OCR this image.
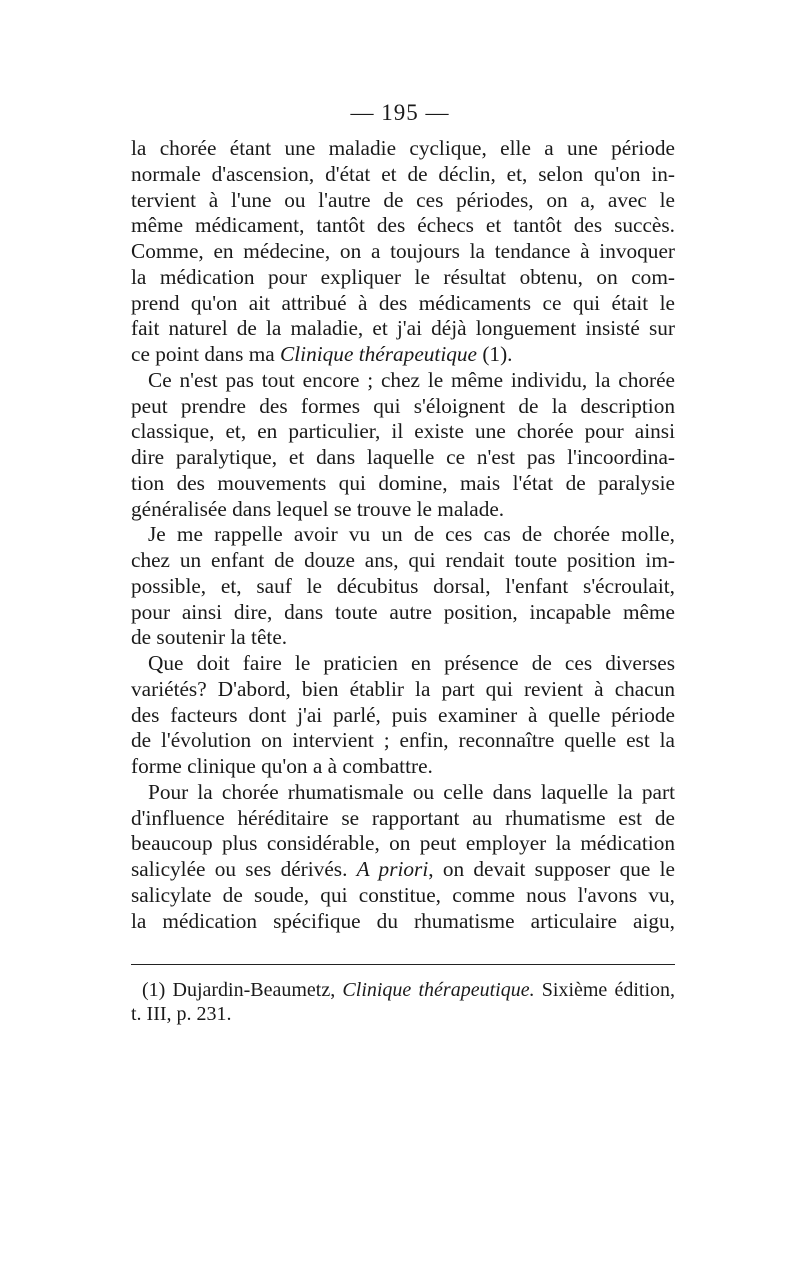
— 195 —
la chorée étant une maladie cyclique, elle a une période
normale d'ascension, d'état et de déclin, et, selon qu'on in-
tervient à l'une ou l'autre de ces périodes, on a, avec le
même médicament, tantôt des échecs et tantôt des succès.
Comme, en médecine, on a toujours la tendance à invoquer
la médication pour expliquer le résultat obtenu, on com-
prend qu'on ait attribué à des médicaments ce qui était le
fait naturel de la maladie, et j'ai déjà longuement insisté sur
ce point dans ma Clinique thérapeutique (1).
Ce n'est pas tout encore ; chez le même individu, la chorée
peut prendre des formes qui s'éloignent de la description
classique, et, en particulier, il existe une chorée pour ainsi
dire paralytique, et dans laquelle ce n'est pas l'incoordina-
tion des mouvements qui domine, mais l'état de paralysie
généralisée dans lequel se trouve le malade.
Je me rappelle avoir vu un de ces cas de chorée molle,
chez un enfant de douze ans, qui rendait toute position im-
possible, et, sauf le décubitus dorsal, l'enfant s'écroulait,
pour ainsi dire, dans toute autre position, incapable même
de soutenir la tête.
Que doit faire le praticien en présence de ces diverses
variétés? D'abord, bien établir la part qui revient à chacun
des facteurs dont j'ai parlé, puis examiner à quelle période
de l'évolution on intervient ; enfin, reconnaître quelle est la
forme clinique qu'on a à combattre.
Pour la chorée rhumatismale ou celle dans laquelle la part
d'influence héréditaire se rapportant au rhumatisme est de
beaucoup plus considérable, on peut employer la médication
salicylée ou ses dérivés. A priori, on devait supposer que le
salicylate de soude, qui constitue, comme nous l'avons vu,
la médication spécifique du rhumatisme articulaire aigu,
(1) Dujardin-Beaumetz, Clinique thérapeutique. Sixième édition,
t. III, p. 231.
